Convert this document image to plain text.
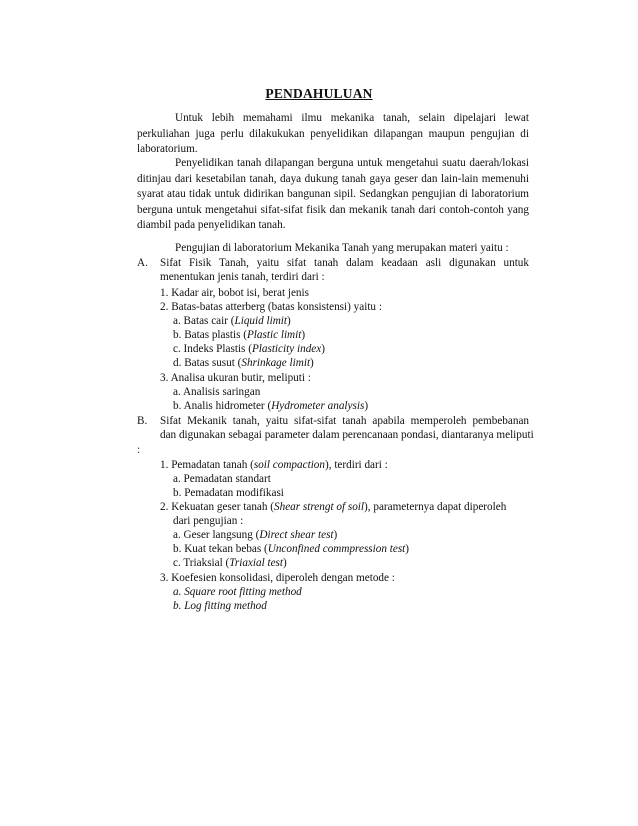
PENDAHULUAN

Untuk lebih memahami ilmu mekanika tanah, selain dipelajari lewat perkuliahan juga perlu dilakukukan penyelidikan dilapangan maupun pengujian di laboratorium.

Penyelidikan tanah dilapangan berguna untuk mengetahui suatu daerah/lokasi ditinjau dari kesetabilan tanah, daya dukung tanah gaya geser dan lain-lain memenuhi syarat atau tidak untuk didirikan bangunan sipil. Sedangkan pengujian di laboratorium berguna untuk mengetahui sifat-sifat fisik dan mekanik tanah dari contoh-contoh yang diambil pada penyelidikan tanah.

Pengujian di laboratorium Mekanika Tanah yang merupakan materi yaitu :
A. Sifat Fisik Tanah, yaitu sifat tanah dalam keadaan asli digunakan untuk
menentukan jenis tanah, terdiri dari :
1. Kadar air, bobot isi, berat jenis
2. Batas-batas atterberg (batas konsistensi) yaitu :
a. Batas cair (Liquid limit)
b. Batas plastis (Plastic limit)
c. Indeks Plastis (Plasticity index)
d. Batas susut (Shrinkage limit)
3. Analisa ukuran butir, meliputi :
a. Analisis saringan
b. Analis hidrometer (Hydrometer analysis)
B. Sifat Mekanik tanah, yaitu sifat-sifat tanah apabila memperoleh pembebanan
dan digunakan sebagai parameter dalam perencanaan pondasi, diantaranya meliputi
:
1. Pemadatan tanah (soil compaction), terdiri dari :
a. Pemadatan standart
b. Pemadatan modifikasi
2. Kekuatan geser tanah (Shear strengt of soil), parameternya dapat diperoleh
dari pengujian :
a. Geser langsung (Direct shear test)
b. Kuat tekan bebas (Unconfined commpression test)
c. Triaksial (Triaxial test)
3. Koefesien konsolidasi, diperoleh dengan metode :
a. Square root fitting method
b. Log fitting method
